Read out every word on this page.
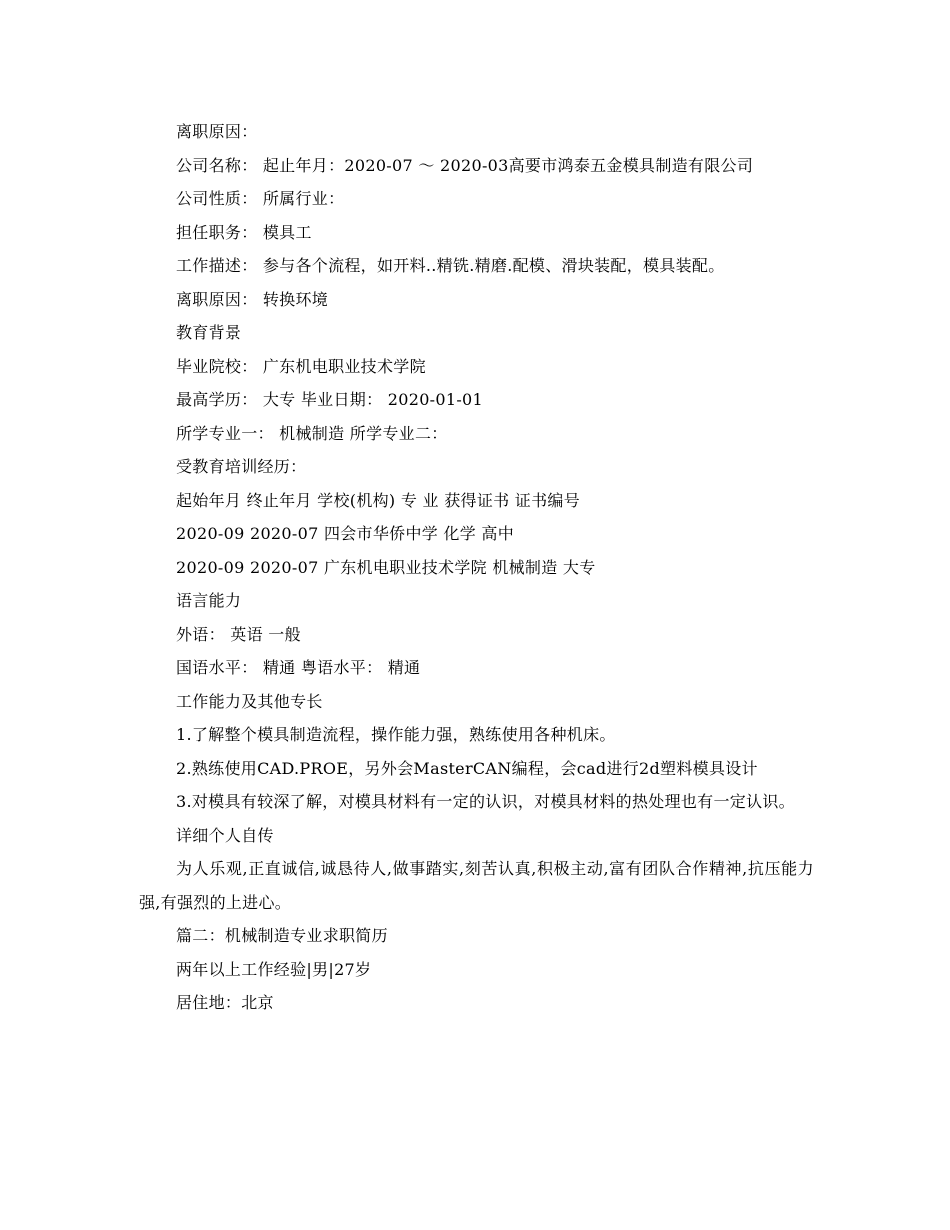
离职原因：

公司名称： 起止年月：2020-07 ～ 2020-03高要市鸿泰五金模具制造有限公司

公司性质： 所属行业：

担任职务： 模具工

工作描述： 参与各个流程，如开料..精铣.精磨.配模、滑块装配，模具装配。

离职原因： 转换环境

教育背景

毕业院校： 广东机电职业技术学院

最高学历： 大专 毕业日期： 2020-01-01

所学专业一： 机械制造 所学专业二：

受教育培训经历：

起始年月 终止年月 学校(机构) 专 业 获得证书 证书编号

2020-09 2020-07 四会市华侨中学 化学 高中

2020-09 2020-07 广东机电职业技术学院 机械制造 大专

语言能力

外语： 英语 一般

国语水平： 精通 粤语水平： 精通

工作能力及其他专长

1.了解整个模具制造流程，操作能力强，熟练使用各种机床。

2.熟练使用CAD.PROE，另外会MasterCAN编程，会cad进行2d塑料模具设计

3.对模具有较深了解，对模具材料有一定的认识，对模具材料的热处理也有一定认识。

详细个人自传

为人乐观,正直诚信,诚恳待人,做事踏实,刻苦认真,积极主动,富有团队合作精神,抗压能力强,有强烈的上进心。

篇二：机械制造专业求职简历

两年以上工作经验|男|27岁

居住地：北京
